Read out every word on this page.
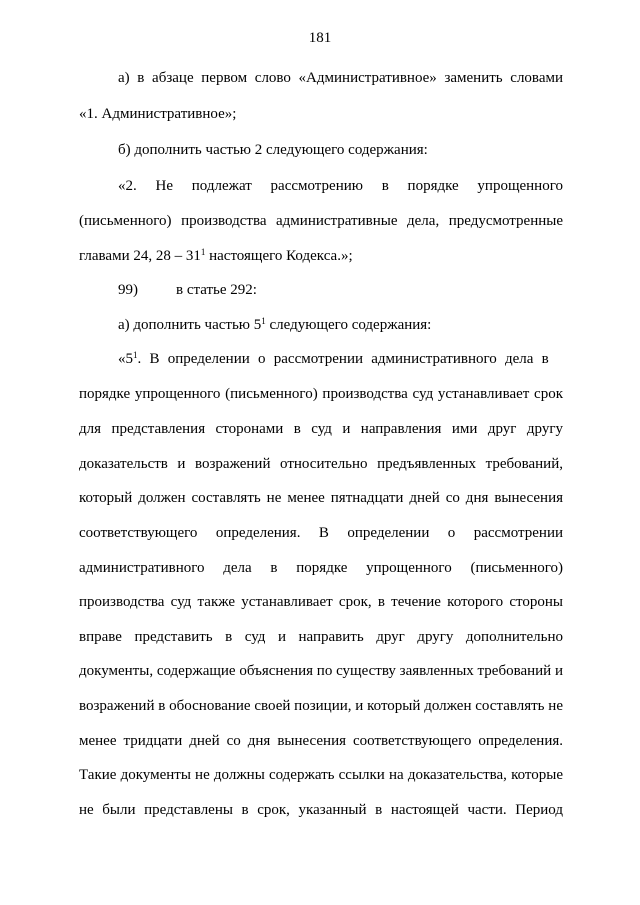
181
а) в абзаце первом слово «Административное» заменить словами
«1. Административное»;
б) дополнить частью 2 следующего содержания:
«2. Не подлежат рассмотрению в порядке упрощенного
(письменного) производства административные дела, предусмотренные
главами 24, $28 - 31^1$ настоящего Кодекса.»;
99)	в статье 292:
а) дополнить частью $5^1$ следующего содержания:
«$5^1$. В определении о рассмотрении административного дела в
порядке упрощенного (письменного) производства суд устанавливает срок
для представления сторонами в суд и направления ими друг другу
доказательств и возражений относительно предъявленных требований,
который должен составлять не менее пятнадцати дней со дня вынесения
соответствующего определения. В определении о рассмотрении
административного дела в порядке упрощенного (письменного)
производства суд также устанавливает срок, в течение которого стороны
вправе представить в суд и направить друг другу дополнительно
документы, содержащие объяснения по существу заявленных требований и
возражений в обоснование своей позиции, и который должен составлять не
менее тридцати дней со дня вынесения соответствующего определения.
Такие документы не должны содержать ссылки на доказательства, которые
не были представлены в срок, указанный в настоящей части. Период
